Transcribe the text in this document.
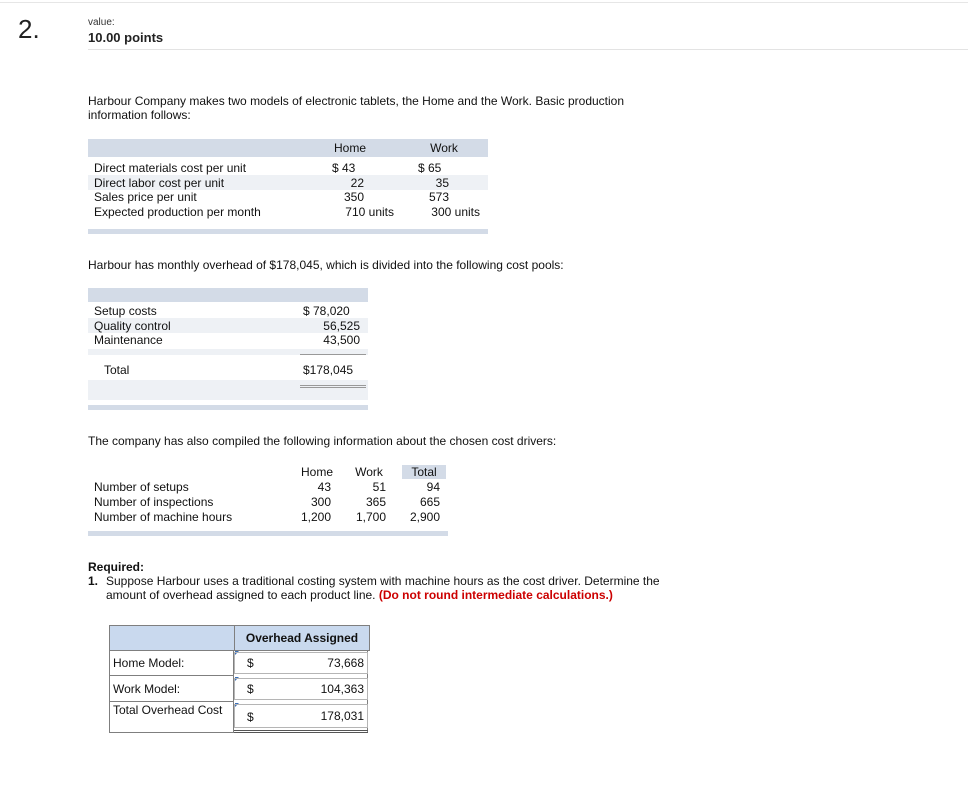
2.	value:
10.00 points
Harbour Company makes two models of electronic tablets, the Home and the Work. Basic production
information follows:
Home	Work
Direct materials cost per unit	$ 43	$ 65
Direct labor cost per unit	22	35
Sales price per unit	350	573
Expected production per month	710 units	300 units
Harbour has monthly overhead of $178,045, which is divided into the following cost pools:
Setup costs	$ 78,020
Quality control	56,525
Maintenance	43,500
Total	$178,045
The company has also compiled the following information about the chosen cost drivers:
Home	Work	Total
Number of setups	43	51	94
Number of inspections	300	365	665
Number of machine hours	1,200	1,700	2,900
Required:
1. Suppose Harbour uses a traditional costing system with machine hours as the cost driver. Determine the
amount of overhead assigned to each product line. (Do not round intermediate calculations.)
Overhead Assigned
Home Model:	$	73,668
Work Model:	$	104,363
Total Overhead Cost	$	178,031
